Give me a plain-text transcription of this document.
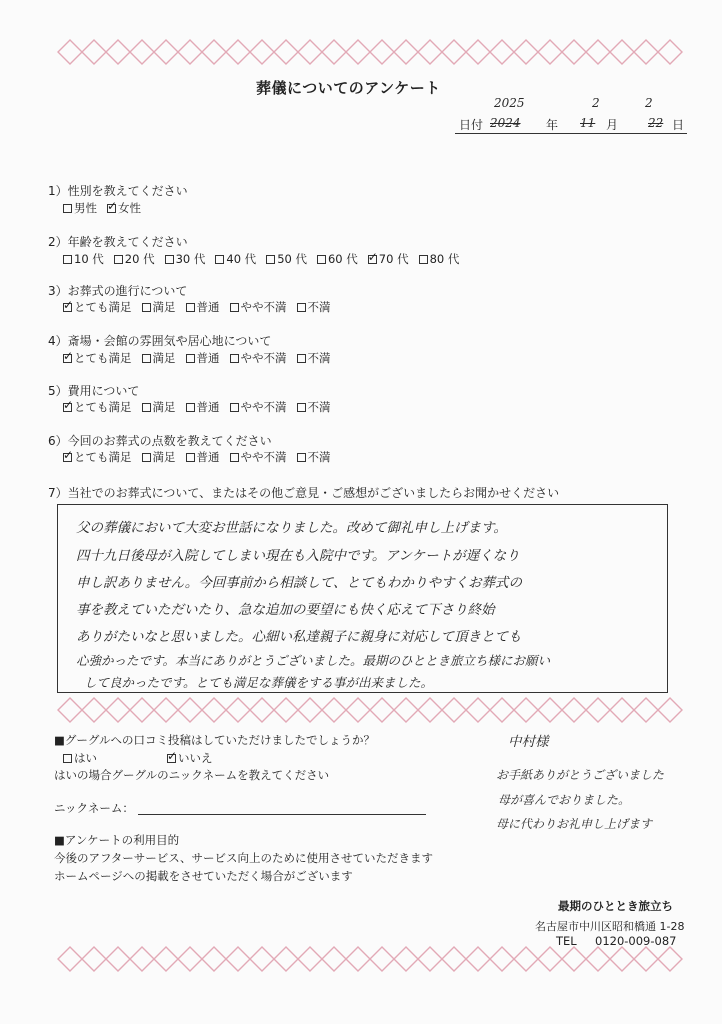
葬儀についてのアンケート
2025	2	2
日付 2024 年 11 月 22 日
1）性別を教えてください
男性 ✓ 女性
2）年齢を教えてください
10 代 20 代 30 代 40 代 50 代 60 代 ✓ 70 代 80 代
3）お葬式の進行について
✓
とても満足 満足 普通 やや不満 不満
4）斎場・会館の雰囲気や居心地について
✓
とても満足 満足 普通 やや不満 不満
5）費用について
✓
とても満足 満足 普通 やや不満 不満
6）今回のお葬式の点数を教えてください
✓
とても満足 満足 普通 やや不満 不満
7）当社でのお葬式について、またはその他ご意見・ご感想がございましたらお聞かせください
父の葬儀において大変お世話になりました。改めて御礼申し上げます。
四十九日後母が入院してしまい現在も入院中です。アンケートが遅くなり
申し訳ありません。今回事前から相談して、とてもわかりやすくお葬式の
事を教えていただいたり、急な追加の要望にも快く応えて下さり終始
ありがたいなと思いました。心細い私達親子に親身に対応して頂きとても
心強かったです。本当にありがとうございました。最期のひととき旅立ち様にお願い
して良かったです。とても満足な葬儀をする事が出来ました。
■グーグルへの口コミ投稿はしていただけましたでしょうか？
はい ✓	いいえ
はいの場合グーグルのニックネームを教えてください
ニックネーム：
■アンケートの利用目的
今後のアフターサービス、サービス向上のために使用させていただきます
ホームページへの掲載をさせていただく場合がございます
中村様
お手紙ありがとうございました
母が喜んでおりました。
母に代わりお礼申し上げます
最期のひととき旅立ち
名古屋市中川区昭和橋通 1-28
TEL 0120-009-087
